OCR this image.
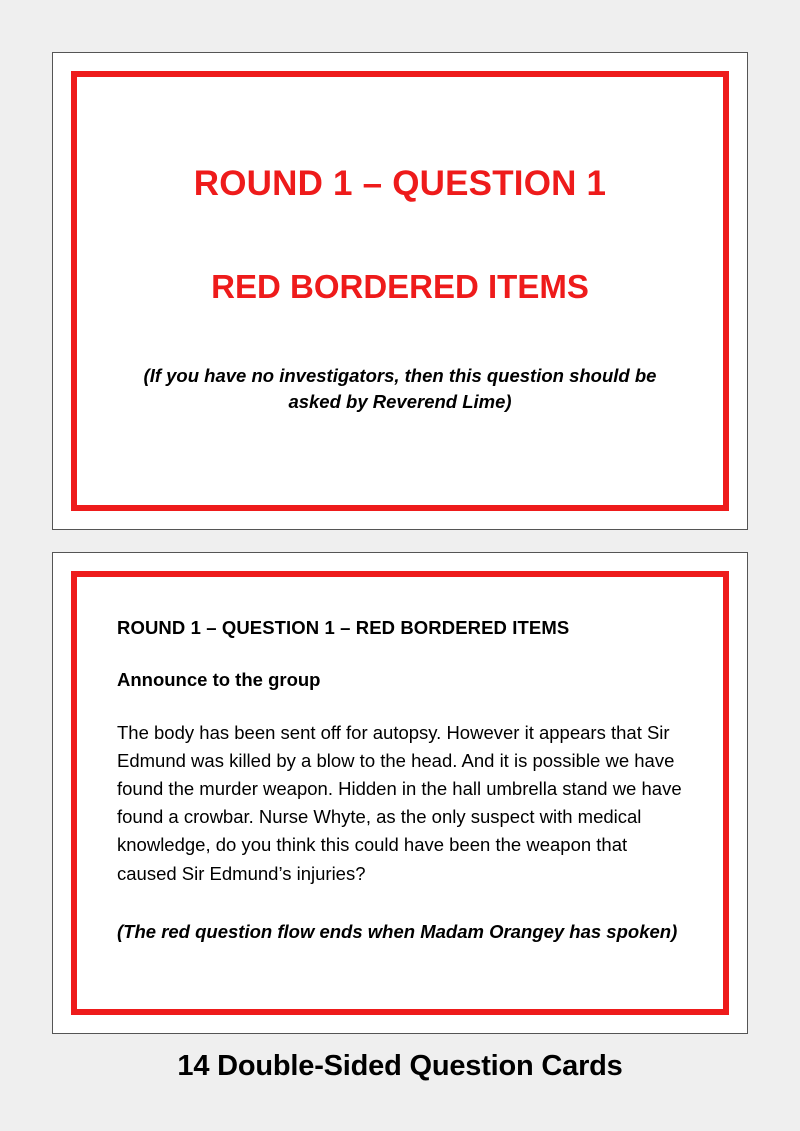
ROUND 1 – QUESTION 1
RED BORDERED ITEMS
(If you have no investigators, then this question should be asked by Reverend Lime)
ROUND 1 – QUESTION 1 – RED BORDERED ITEMS
Announce to the group
The body has been sent off for autopsy. However it appears that Sir Edmund was killed by a blow to the head. And it is possible we have found the murder weapon. Hidden in the hall umbrella stand we have found a crowbar. Nurse Whyte, as the only suspect with medical knowledge, do you think this could have been the weapon that caused Sir Edmund’s injuries?
(The red question flow ends when Madam Orangey has spoken)
14 Double-Sided Question Cards
